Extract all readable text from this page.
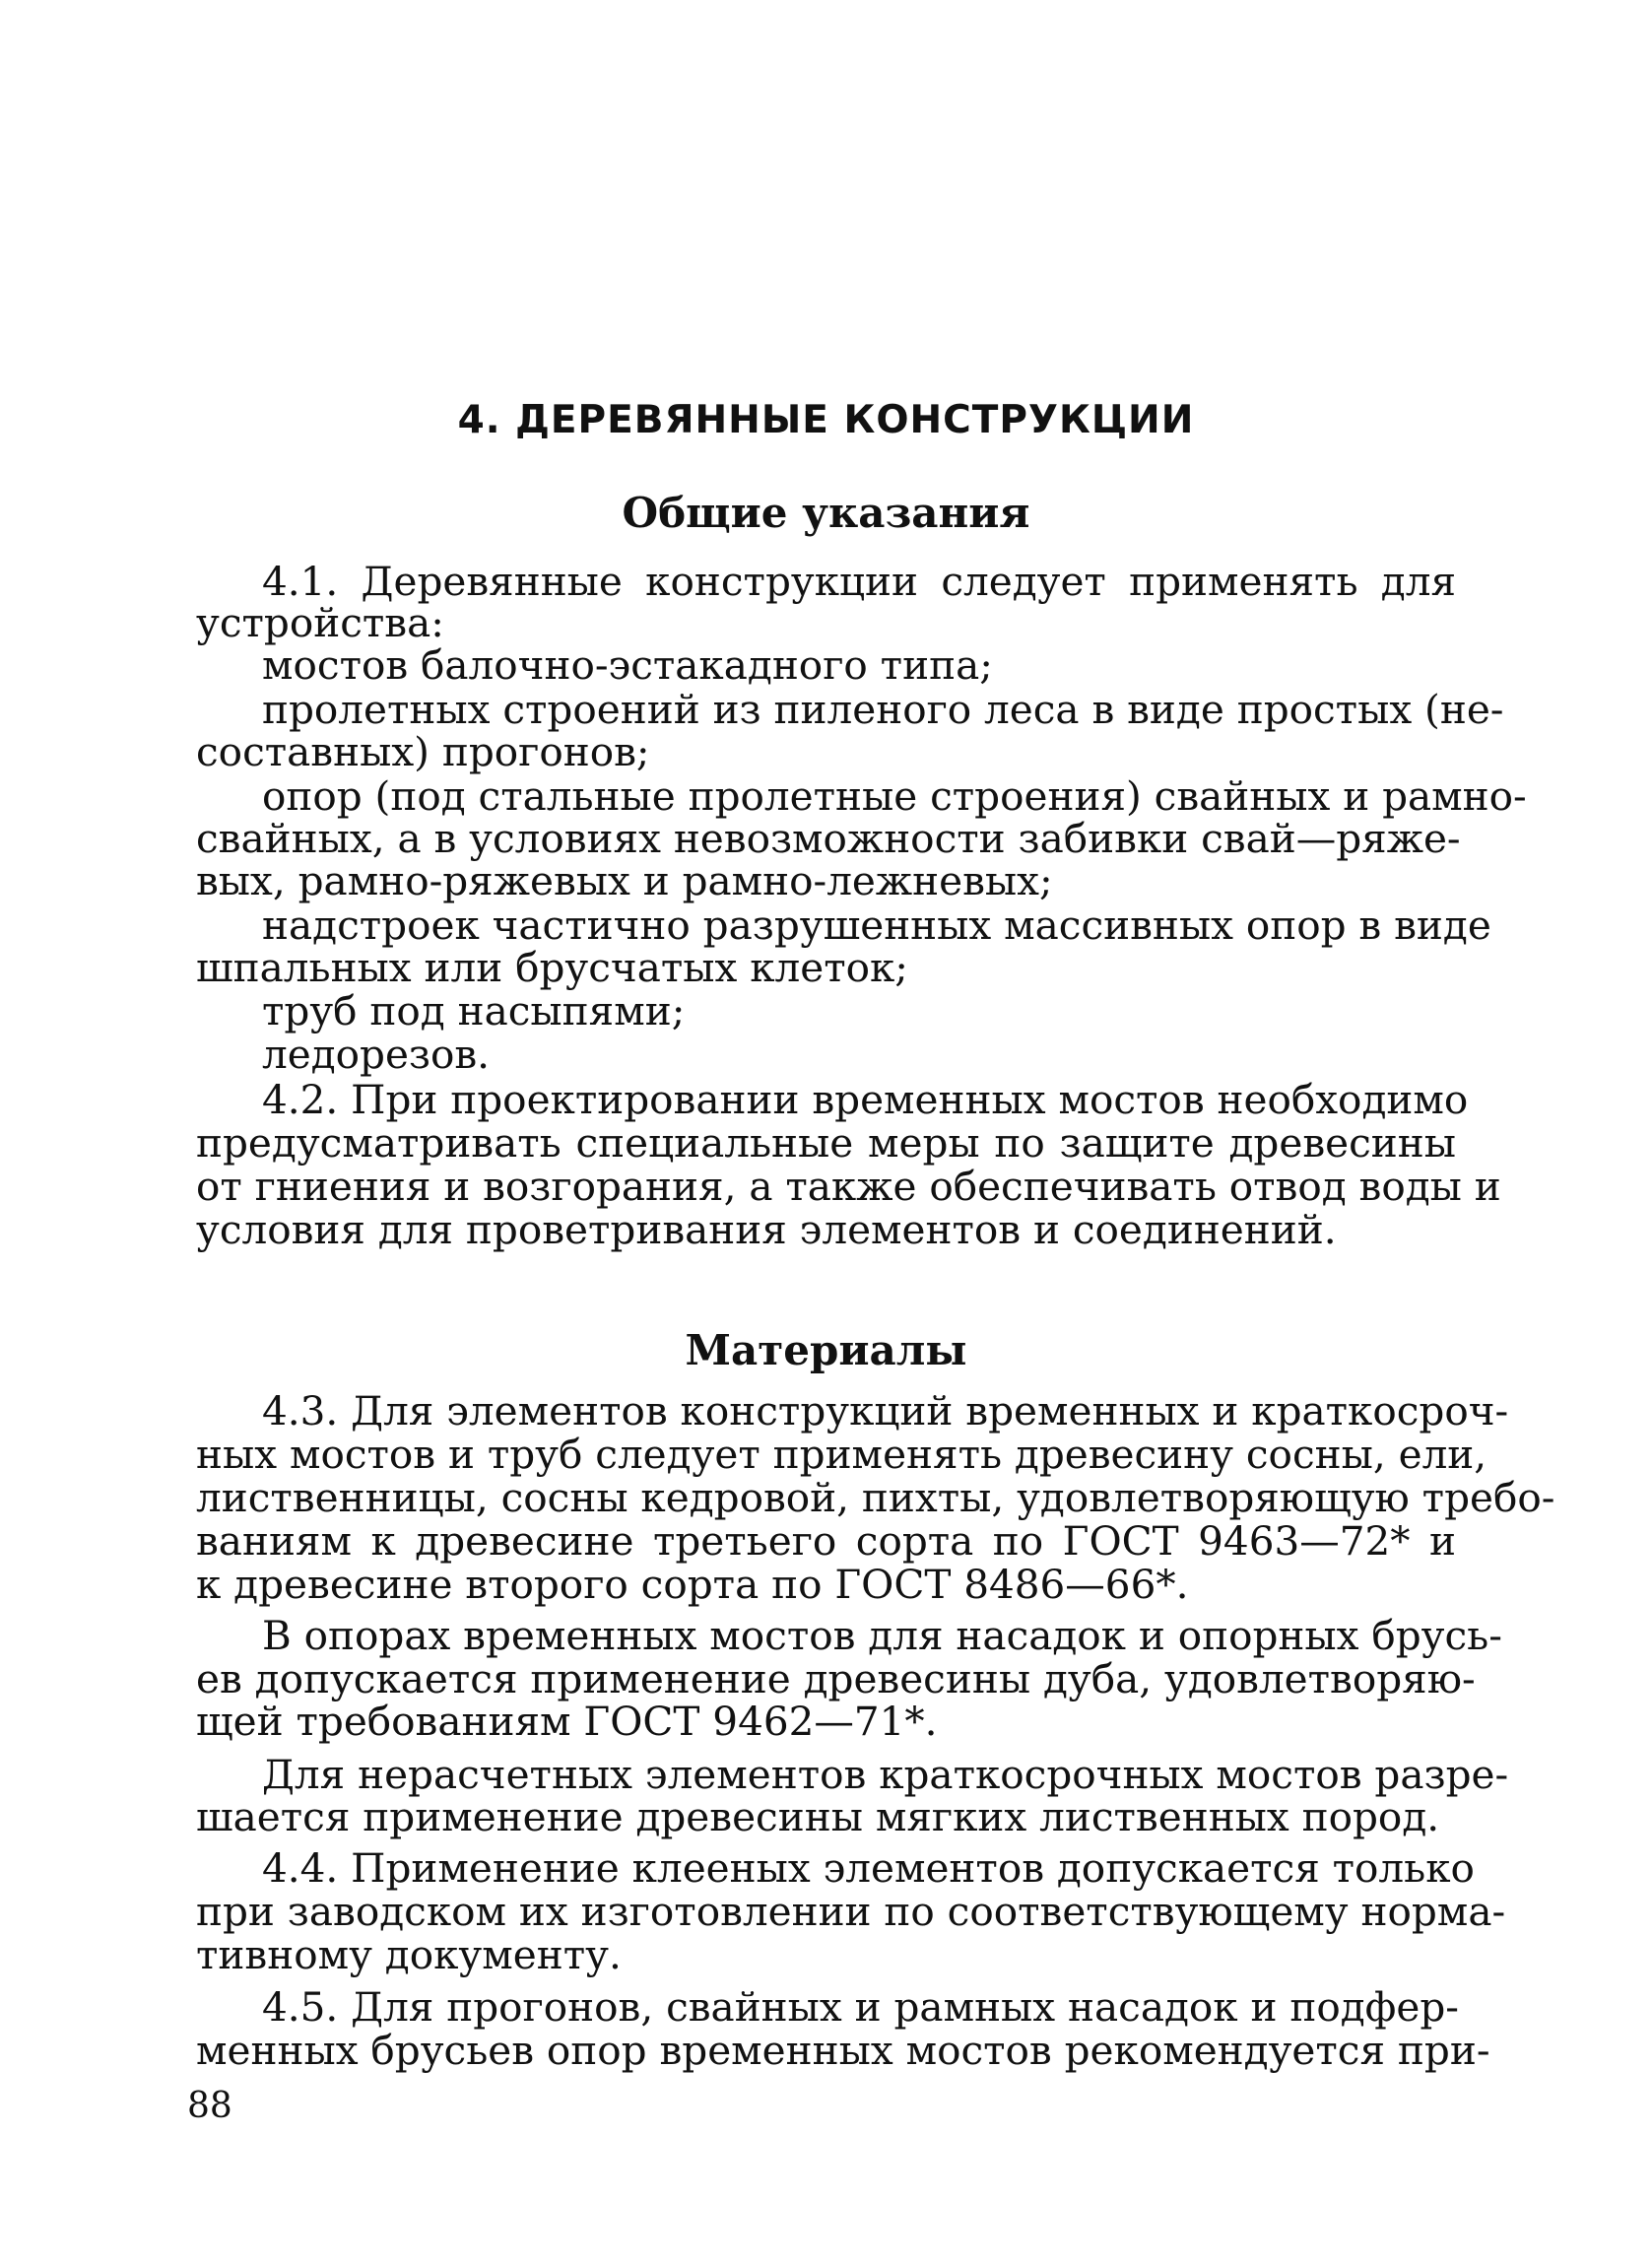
4. ДЕРЕВЯННЫЕ КОНСТРУКЦИИ
Общие указания
4.1. Деревянные конструкции следует применять для
устройства:
мостов балочно-эстакадного типа;
пролетных строений из пиленого леса в виде простых (не-
составных) прогонов;
опор (под стальные пролетные строения) свайных и рамно-
свайных, а в условиях невозможности забивки свай—ряже-
вых, рамно-ряжевых и рамно-лежневых;
надстроек частично разрушенных массивных опор в виде
шпальных или брусчатых клеток;
труб под насыпями;
ледорезов.
4.2. При проектировании временных мостов необходимо
предусматривать специальные меры по защите древесины
от гниения и возгорания, а также обеспечивать отвод воды и
условия для проветривания элементов и соединений.
Материалы
4.3. Для элементов конструкций временных и краткосроч-
ных мостов и труб следует применять древесину сосны, ели,
лиственницы, сосны кедровой, пихты, удовлетворяющую требо-
ваниям к древесине третьего сорта по ГОСТ 9463—72* и
к древесине второго сорта по ГОСТ 8486—66*.
В опорах временных мостов для насадок и опорных брусь-
ев допускается применение древесины дуба, удовлетворяю-
щей требованиям ГОСТ 9462—71*.
Для нерасчетных элементов краткосрочных мостов разре-
шается применение древесины мягких лиственных пород.
4.4. Применение клееных элементов допускается только
при заводском их изготовлении по соответствующему норма-
тивному документу.
4.5. Для прогонов, свайных и рамных насадок и подфер-
менных брусьев опор временных мостов рекомендуется при-
88
